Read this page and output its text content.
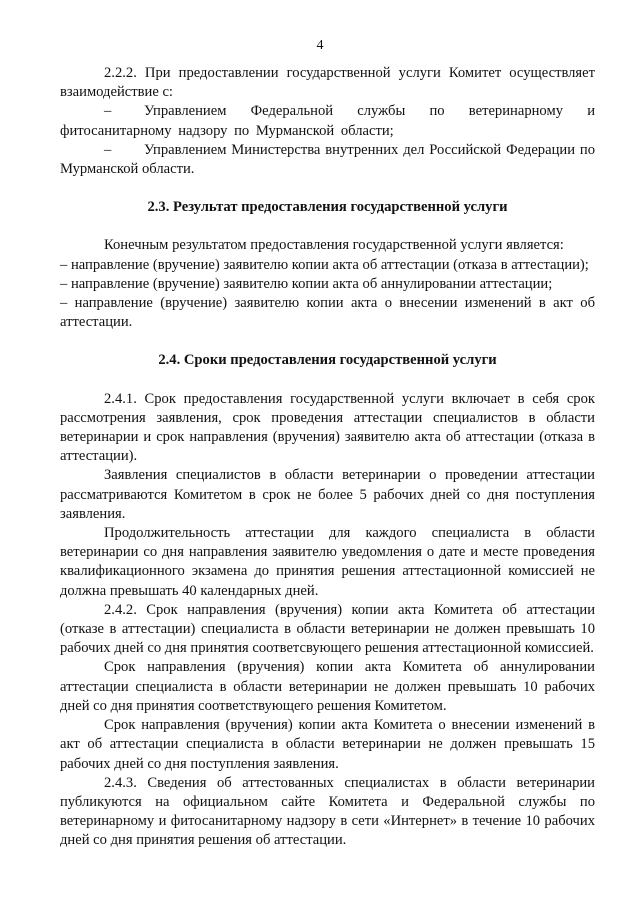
4

2.2.2. При предоставлении государственной услуги Комитет осуществляет взаимодействие с:

– Управлением Федеральной службы по ветеринарному и фитосанитарному надзору по Мурманской области;

– Управлением Министерства внутренних дел Российской Федерации по Мурманской области.

2.3. Результат предоставления государственной услуги

Конечным результатом предоставления государственной услуги является:

– направление (вручение) заявителю копии акта об аттестации (отказа в аттестации);

– направление (вручение) заявителю копии акта об аннулировании аттестации;

– направление (вручение) заявителю копии акта о внесении изменений в акт об аттестации.

2.4. Сроки предоставления государственной услуги

2.4.1. Срок предоставления государственной услуги включает в себя срок рассмотрения заявления, срок проведения аттестации специалистов в области ветеринарии и срок направления (вручения) заявителю акта об аттестации (отказа в аттестации).

Заявления специалистов в области ветеринарии о проведении аттестации рассматриваются Комитетом в срок не более 5 рабочих дней со дня поступления заявления.

Продолжительность аттестации для каждого специалиста в области ветеринарии со дня направления заявителю уведомления о дате и месте проведения квалификационного экзамена до принятия решения аттестационной комиссией не должна превышать 40 календарных дней.

2.4.2. Срок направления (вручения) копии акта Комитета об аттестации (отказе в аттестации) специалиста в области ветеринарии не должен превышать 10 рабочих дней со дня принятия соответсвующего решения аттестационной комиссией.

Срок направления (вручения) копии акта Комитета об аннулировании аттестации специалиста в области ветеринарии не должен превышать 10 рабочих дней со дня принятия соответствующего решения Комитетом.

Срок направления (вручения) копии акта Комитета о внесении изменений в акт об аттестации специалиста в области ветеринарии не должен превышать 15 рабочих дней со дня поступления заявления.

2.4.3. Сведения об аттестованных специалистах в области ветеринарии публикуются на официальном сайте Комитета и Федеральной службы по ветеринарному и фитосанитарному надзору в сети «Интернет» в течение 10 рабочих дней со дня принятия решения об аттестации.
